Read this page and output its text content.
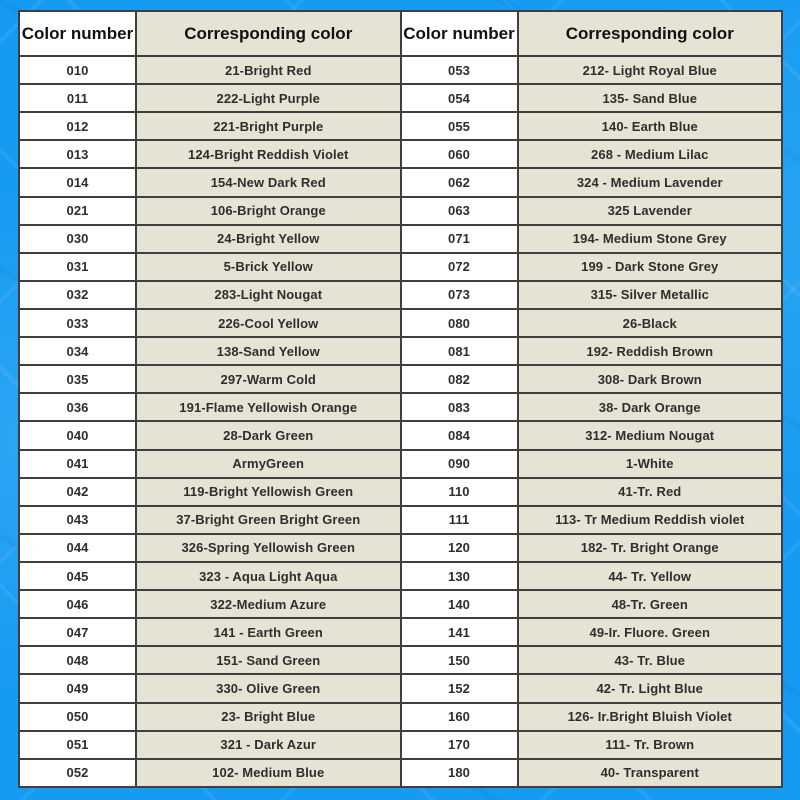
Color number	Corresponding color
010	21-Bright Red
011	222-Light Purple
012	221-Bright Purple
013	124-Bright Reddish Violet
014	154-New Dark Red
021	106-Bright Orange
030	24-Bright Yellow
031	5-Brick Yellow
032	283-Light Nougat
033	226-Cool Yellow
034	138-Sand Yellow
035	297-Warm Cold
036	191-Flame Yellowish Orange
040	28-Dark Green
041	ArmyGreen
042	119-Bright Yellowish Green
043	37-Bright Green Bright Green
044	326-Spring Yellowish Green
045	323 - Aqua Light Aqua
046	322-Medium Azure
047	141 - Earth Green
048	151- Sand Green
049	330- Olive Green
050	23- Bright Blue
051	321 - Dark Azur
052	102- Medium Blue
Color number	Corresponding color
053	212- Light Royal Blue
054	135- Sand Blue
055	140- Earth Blue
060	268 - Medium Lilac
062	324 - Medium Lavender
063	325 Lavender
071	194- Medium Stone Grey
072	199 - Dark Stone Grey
073	315- Silver Metallic
080	26-Black
081	192- Reddish Brown
082	308- Dark Brown
083	38- Dark Orange
084	312- Medium Nougat
090	1-White
110	41-Tr. Red
111	113- Tr Medium Reddish violet
120	182- Tr. Bright Orange
130	44- Tr. Yellow
140	48-Tr. Green
141	49-Ir. Fluore. Green
150	43- Tr. Blue
152	42- Tr. Light Blue
160	126- Ir.Bright Bluish Violet
170	111- Tr. Brown
180	40- Transparent
